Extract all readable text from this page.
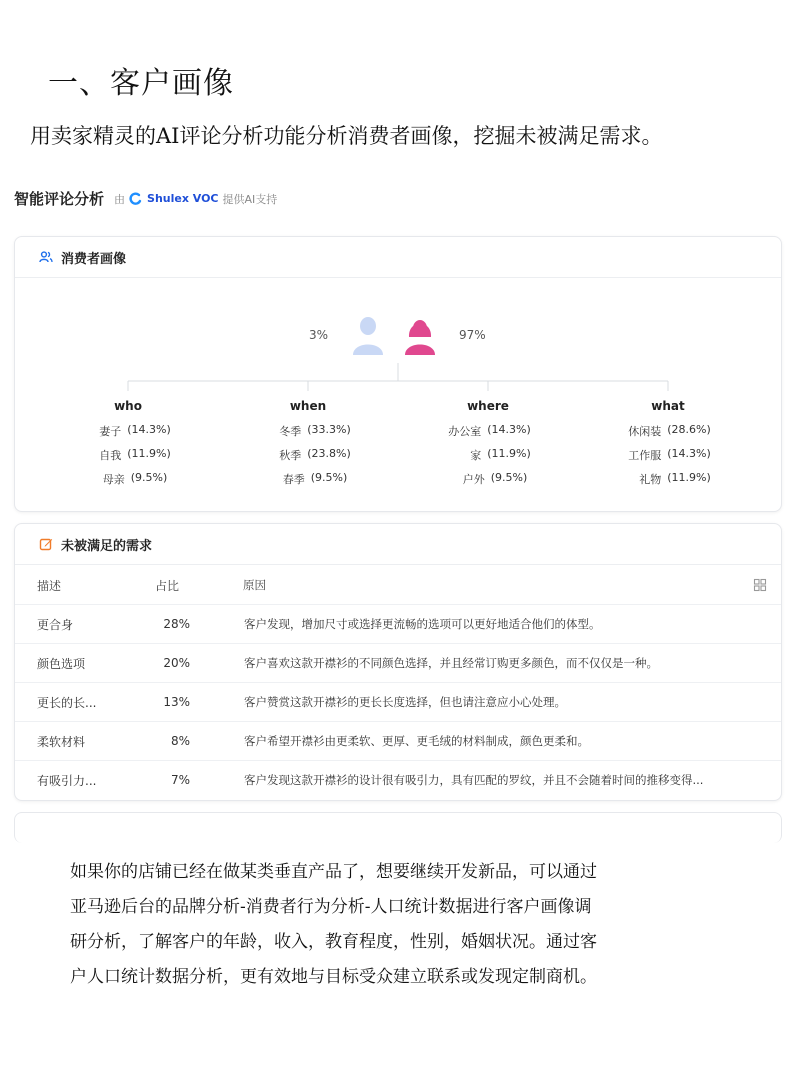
一、客户画像
用卖家精灵的AI评论分析功能分析消费者画像，挖掘未被满足需求。
智能评论分析 由 Shulex VOC 提供AI支持
消费者画像
3%	97%
who
妻子 (14.3%)
自我 (11.9%)
母亲 (9.5%)
when
冬季 (33.3%)
秋季 (23.8%)
春季 (9.5%)
where
办公室 (14.3%)
家 (11.9%)
户外 (9.5%)
what
休闲装 (28.6%)
工作服 (14.3%)
礼物 (11.9%)
未被满足的需求
描述	占比	原因
更合身	28%	客户发现，增加尺寸或选择更流畅的选项可以更好地适合他们的体型。
颜色选项	20%	客户喜欢这款开襟衫的不同颜色选择，并且经常订购更多颜色，而不仅仅是一种。
更长的长...	13%	客户赞赏这款开襟衫的更长长度选择，但也请注意应小心处理。
柔软材料	8%	客户希望开襟衫由更柔软、更厚、更毛绒的材料制成，颜色更柔和。
有吸引力...	7%	客户发现这款开襟衫的设计很有吸引力，具有匹配的罗纹，并且不会随着时间的推移变得...
如果你的店铺已经在做某类垂直产品了，想要继续开发新品，可以通过
亚马逊后台的品牌分析-消费者行为分析-人口统计数据进行客户画像调
研分析，了解客户的年龄，收入，教育程度，性别，婚姻状况。通过客
户人口统计数据分析，更有效地与目标受众建立联系或发现定制商机。
